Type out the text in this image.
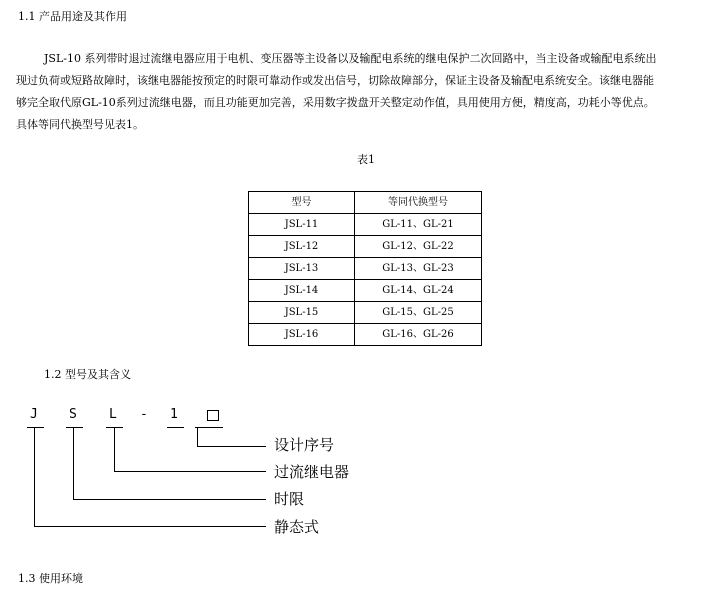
1.1 产品用途及其作用
JSL-10 系列带时退过流继电器应用于电机、变压器等主设备以及输配电系统的继电保护二次回路中，当主设备或输配电系统出
现过负荷或短路故障时，该继电器能按预定的时限可靠动作或发出信号，切除故障部分，保证主设备及输配电系统安全。该继电器能
够完全取代原GL-10系列过流继电器，而且功能更加完善，采用数字拨盘开关整定动作值，具用使用方便，精度高，功耗小等优点。
具体等同代换型号见表1。
表1
型号	等同代换型号
JSL-11	GL-11、GL-21
JSL-12	GL-12、GL-22
JSL-13	GL-13、GL-23
JSL-14	GL-14、GL-24
JSL-15	GL-15、GL-25
JSL-16	GL-16、GL-26
1.2 型号及其含义
J S L - 1
设计序号
过流继电器
时限
静态式
1.3 使用环境
